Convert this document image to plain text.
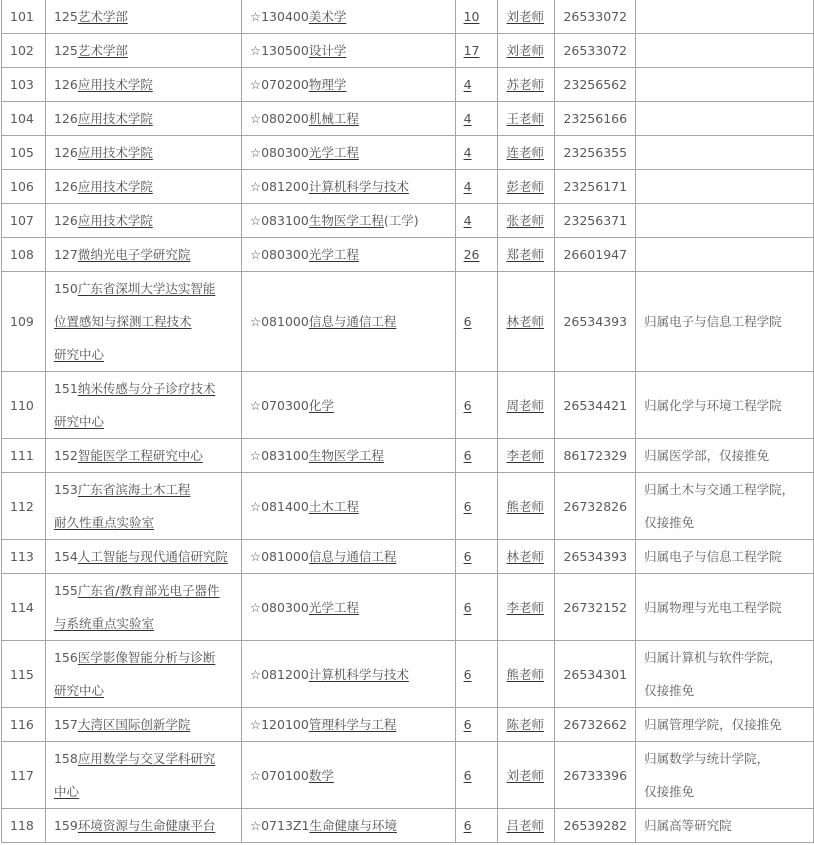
101	125艺术学部	☆130400美术学	10	刘老师	26533072	
102	125艺术学部	☆130500设计学	17	刘老师	26533072	
103	126应用技术学院	☆070200物理学	4	苏老师	23256562	
104	126应用技术学院	☆080200机械工程	4	王老师	23256166	
105	126应用技术学院	☆080300光学工程	4	连老师	23256355	
106	126应用技术学院	☆081200计算机科学与技术	4	彭老师	23256171	
107	126应用技术学院	☆083100生物医学工程(工学)	4	张老师	23256371	
108	127微纳光电子学研究院	☆080300光学工程	26	郑老师	26601947	
109	150广东省深圳大学达实智能
位置感知与探测工程技术
研究中心	☆081000信息与通信工程	6	林老师	26534393	归属电子与信息工程学院

110	151纳米传感与分子诊疗技术
研究中心	☆070300化学	6	周老师	26534421	归属化学与环境工程学院

111	152智能医学工程研究中心	☆083100生物医学工程	6	李老师	86172329	归属医学部，仅接推免

112	153广东省滨海土木工程
耐久性重点实验室	☆081400土木工程	6	熊老师	26732826	归属土木与交通工程学院，
仅接推免

113	154人工智能与现代通信研究院	☆081000信息与通信工程	6	林老师	26534393	归属电子与信息工程学院

114	155广东省/教育部光电子器件
与系统重点实验室	☆080300光学工程	6	李老师	26732152	归属物理与光电工程学院

115	156医学影像智能分析与诊断
研究中心	☆081200计算机科学与技术	6	熊老师	26534301	归属计算机与软件学院，
仅接推免

116	157大湾区国际创新学院	☆120100管理科学与工程	6	陈老师	26732662	归属管理学院，仅接推免

117	158应用数学与交叉学科研究
中心	☆070100数学	6	刘老师	26733396	归属数学与统计学院，
仅接推免

118	159环境资源与生命健康平台	☆0713Z1生命健康与环境	6	吕老师	26539282	归属高等研究院
